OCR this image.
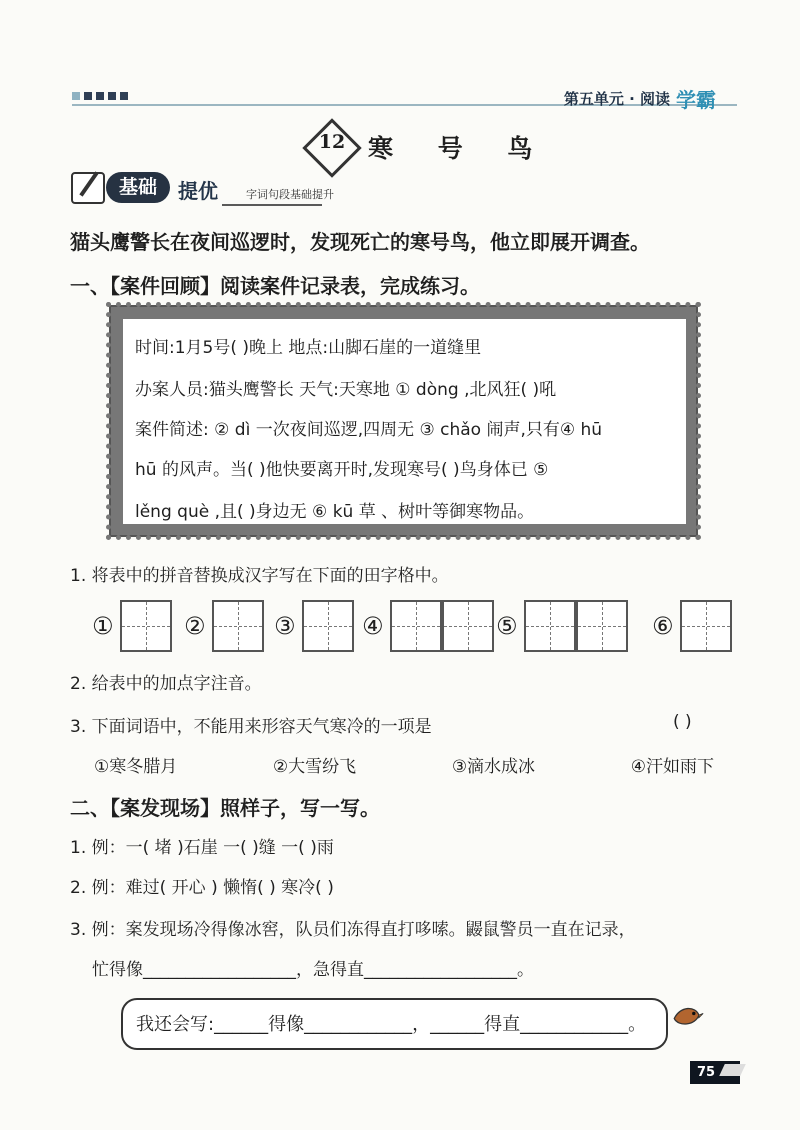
第五单元 · 阅读 学霸
12 寒 号 鸟
基础	提优	字词句段基础提升
猫头鹰警长在夜间巡逻时，发现死亡的寒号鸟，他立即展开调查。
一、【案件回顾】阅读案件记录表，完成练习。
时间:1月5号( )晚上 地点:山脚石崖的一道缝里
办案人员:猫头鹰警长 天气:天寒地 ① dòng ,北风狂( )吼
案件简述: ② dì 一次夜间巡逻,四周无 ③ chǎo 闹声,只有④ hū
hū 的风声。当( )他快要离开时,发现寒号( )鸟身体已 ⑤
lěng què ,且( )身边无 ⑥ kū 草 、树叶等御寒物品。
1. 将表中的拼音替换成汉字写在下面的田字格中。
①	②	③	④	⑤	⑥
2. 给表中的加点字注音。
3. 下面词语中，不能用来形容天气寒冷的一项是	( )
①寒冬腊月	②大雪纷飞	③滴水成冰	④汗如雨下
二、【案发现场】照样子，写一写。
1. 例：一( 堵 )石崖 一( )缝 一( )雨
2. 例：难过( 开心 ) 懒惰( ) 寒冷( )
3. 例：案发现场冷得像冰窖，队员们冻得直打哆嗦。鼹鼠警员一直在记录，
忙得像__________________，急得直__________________。
我还会写:______得像____________，______得直____________。
75
